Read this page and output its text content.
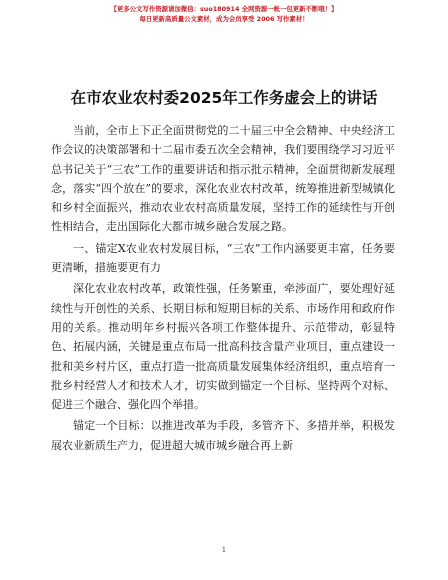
【更多公文写作资源请加微信：suo180914 全网资源一帐一包更新不断哦！】
每日更新高质量公文素材，成为会员享受 2006 写作素材！
在市农业农村委2025年工作务虚会上的讲话

当前，全市上下正全面贯彻党的二十届三中全会精神、中央经济工作会议的决策部署和十二届市委五次全会精神，我们要围绕学习习近平总书记关于“三农”工作的重要讲话和指示批示精神，全面贯彻新发展理念，落实“四个放在”的要求，深化农业农村改革，统筹推进新型城镇化和乡村全面振兴，推动农业农村高质量发展，坚持工作的延续性与开创性相结合，走出国际化大都市城乡融合发展之路。

一、锚定X农业农村发展目标，“三农”工作内涵要更丰富，任务要更清晰，措施要更有力

深化农业农村改革，政策性强，任务繁重，牵涉面广，要处理好延续性与开创性的关系、长期目标和短期目标的关系、市场作用和政府作用的关系。推动明年乡村振兴各项工作整体提升、示范带动，彰显特色、拓展内涵，关键是重点布局一批高科技含量产业项目，重点建设一批和美乡村片区，重点打造一批高质量发展集体经济组织，重点培育一批乡村经营人才和技术人才，切实做到锚定一个目标、坚持两个对标、促进三个融合、强化四个举措。

锚定一个目标：以推进改革为手段，多管齐下、多措并举，积极发展农业新质生产力，促进超大城市城乡融合再上新

1
